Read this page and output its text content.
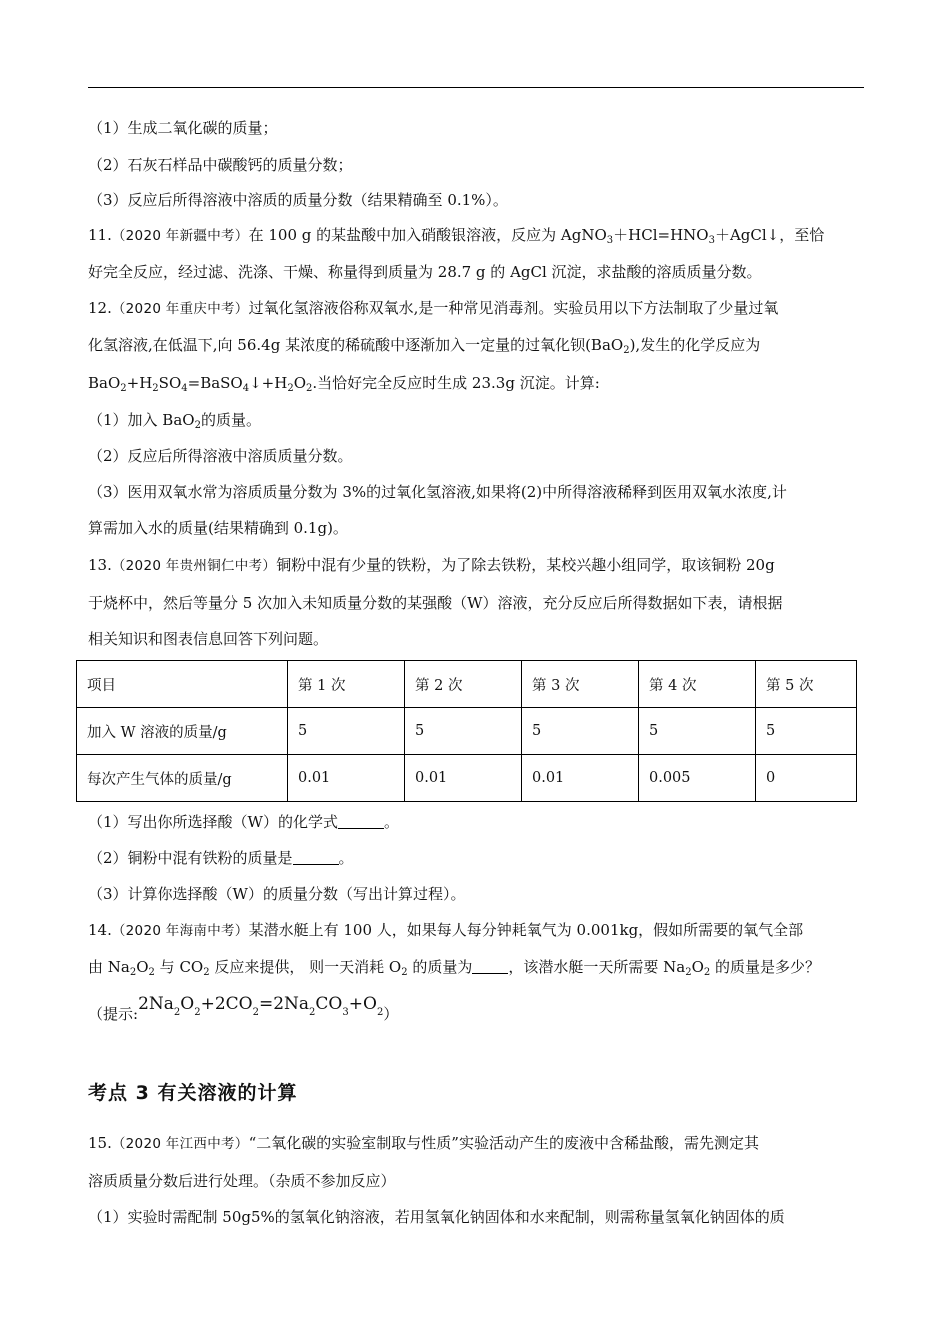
（1）生成二氧化碳的质量；
（2）石灰石样品中碳酸钙的质量分数；
（3）反应后所得溶液中溶质的质量分数（结果精确至 0.1%）。
11.（2020 年新疆中考）在 100 g 的某盐酸中加入硝酸银溶液，反应为 $AgNO_3+HCl=HNO_3+AgCl↓$，至恰
好完全反应，经过滤、洗涤、干燥、称量得到质量为 28.7 g 的 AgCl 沉淀，求盐酸的溶质质量分数。
12.（2020 年重庆中考）过氧化氢溶液俗称双氧水,是一种常见消毒剂。实验员用以下方法制取了少量过氧
化氢溶液,在低温下,向 56.4g 某浓度的稀硫酸中逐渐加入一定量的过氧化钡(BaO$_2$),发生的化学反应为
$BaO_2+H_2SO_4=BaSO_4↓+H_2O_2$.当恰好完全反应时生成 23.3g 沉淀。计算:
（1）加入 BaO$_2$的质量。
（2）反应后所得溶液中溶质质量分数。
（3）医用双氧水常为溶质质量分数为 3%的过氧化氢溶液,如果将(2)中所得溶液稀释到医用双氧水浓度,计
算需加入水的质量(结果精确到 0.1g)。
13.（2020 年贵州铜仁中考）铜粉中混有少量的铁粉，为了除去铁粉，某校兴趣小组同学，取该铜粉 20g
于烧杯中，然后等量分 5 次加入未知质量分数的某强酸（W）溶液，充分反应后所得数据如下表，请根据
相关知识和图表信息回答下列问题。
项目	第 1 次	第 2 次	第 3 次	第 4 次	第 5 次
加入 W 溶液的质量/g	5	5	5	5	5
每次产生气体的质量/g	0.01	0.01	0.01	0.005	0
（1）写出你所选择酸（W）的化学式	。
（2）铜粉中混有铁粉的质量是	。
（3）计算你选择酸（W）的质量分数（写出计算过程）。
14.（2020 年海南中考）某潜水艇上有 100 人，如果每人每分钟耗氧气为 0.001kg，假如所需要的氧气全部
由 $Na_2O_2$ 与 $CO_2$ 反应来提供， 则一天消耗 $O_2$ 的质量为 ，该潜水艇一天所需要 $Na_2O_2$ 的质量是多少？
（提示$:2Na_2O_2+2CO_2=2Na_2CO_3+O_2$）
考点 3 有关溶液的计算
15.（2020 年江西中考）“二氧化碳的实验室制取与性质”实验活动产生的废液中含稀盐酸，需先测定其
溶质质量分数后进行处理。（杂质不参加反应）
（1）实验时需配制 50g5%的氢氧化钠溶液，若用氢氧化钠固体和水来配制，则需称量氢氧化钠固体的质
